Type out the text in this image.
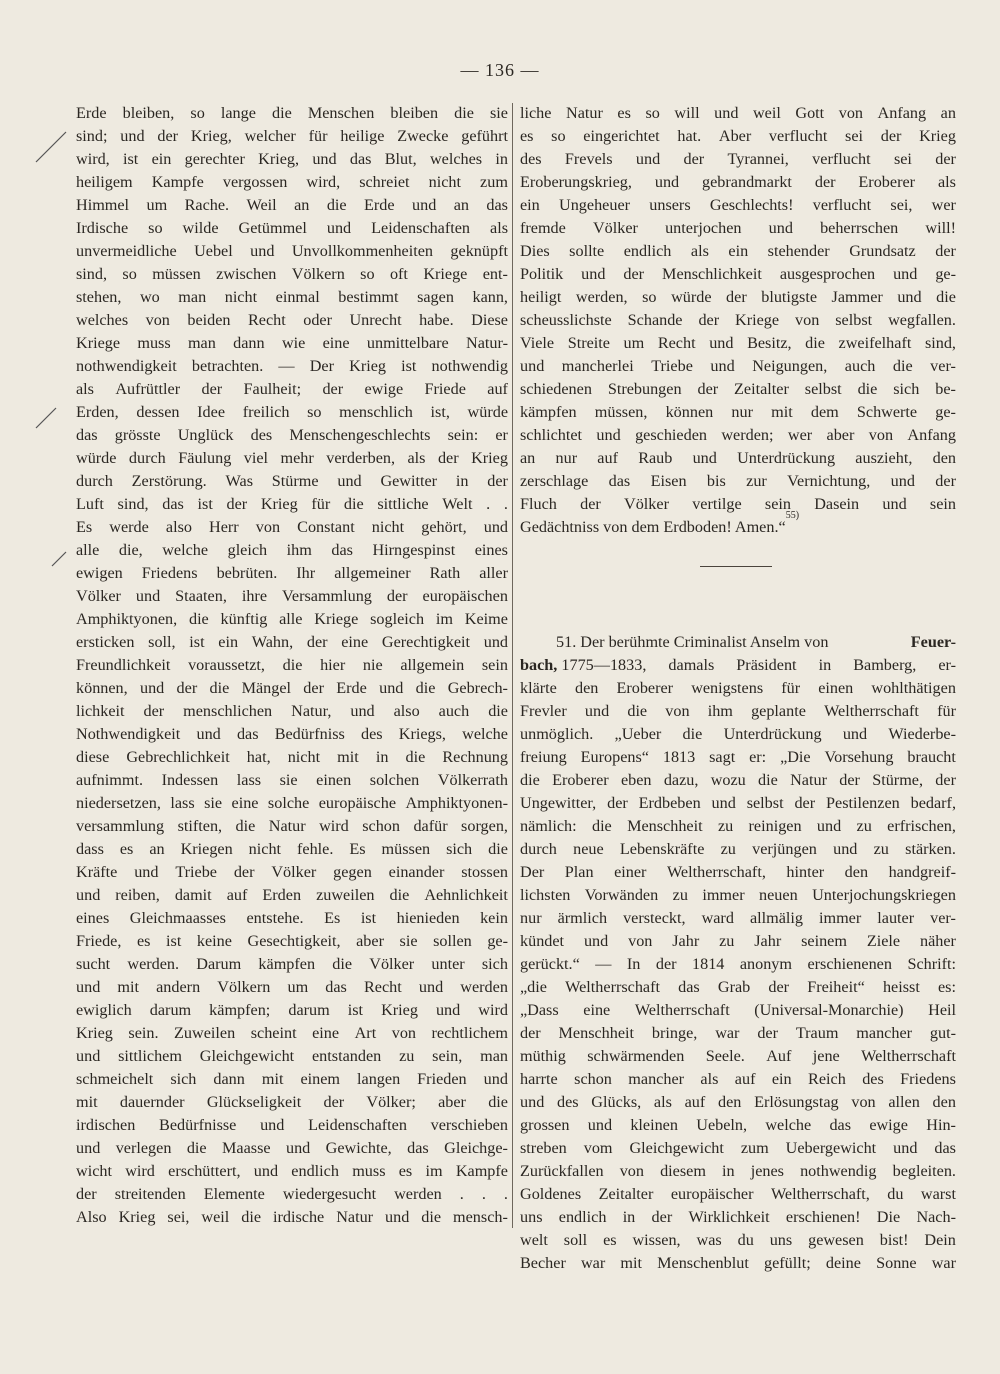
— 136 —
Erde bleiben, so lange die Menschen bleiben die sie
sind; und der Krieg, welcher für heilige Zwecke geführt
wird, ist ein gerechter Krieg, und das Blut, welches in
heiligem Kampfe vergossen wird, schreiet nicht zum
Himmel um Rache. Weil an die Erde und an das
Irdische so wilde Getümmel und Leidenschaften als
unvermeidliche Uebel und Unvollkommenheiten geknüpft
sind, so müssen zwischen Völkern so oft Kriege ent-
stehen, wo man nicht einmal bestimmt sagen kann,
welches von beiden Recht oder Unrecht habe. Diese
Kriege muss man dann wie eine unmittelbare Natur-
nothwendigkeit betrachten. — Der Krieg ist nothwendig
als Aufrüttler der Faulheit; der ewige Friede auf
Erden, dessen Idee freilich so menschlich ist, würde
das grösste Unglück des Menschengeschlechts sein: er
würde durch Fäulung viel mehr verderben, als der Krieg
durch Zerstörung. Was Stürme und Gewitter in der
Luft sind, das ist der Krieg für die sittliche Welt . .
Es werde also Herr von Constant nicht gehört, und
alle die, welche gleich ihm das Hirngespinst eines
ewigen Friedens bebrüten. Ihr allgemeiner Rath aller
Völker und Staaten, ihre Versammlung der europäischen
Amphiktyonen, die künftig alle Kriege sogleich im Keime
ersticken soll, ist ein Wahn, der eine Gerechtigkeit und
Freundlichkeit voraussetzt, die hier nie allgemein sein
können, und der die Mängel der Erde und die Gebrech-
lichkeit der menschlichen Natur, und also auch die
Nothwendigkeit und das Bedürfniss des Kriegs, welche
diese Gebrechlichkeit hat, nicht mit in die Rechnung
aufnimmt. Indessen lass sie einen solchen Völkerrath
niedersetzen, lass sie eine solche europäische Amphiktyonen-
versammlung stiften, die Natur wird schon dafür sorgen,
dass es an Kriegen nicht fehle. Es müssen sich die
Kräfte und Triebe der Völker gegen einander stossen
und reiben, damit auf Erden zuweilen die Aehnlichkeit
eines Gleichmaasses entstehe. Es ist hienieden kein
Friede, es ist keine Gesechtigkeit, aber sie sollen ge-
sucht werden. Darum kämpfen die Völker unter sich
und mit andern Völkern um das Recht und werden
ewiglich darum kämpfen; darum ist Krieg und wird
Krieg sein. Zuweilen scheint eine Art von rechtlichem
und sittlichem Gleichgewicht entstanden zu sein, man
schmeichelt sich dann mit einem langen Frieden und
mit dauernder Glückseligkeit der Völker; aber die
irdischen Bedürfnisse und Leidenschaften verschieben
und verlegen die Maasse und Gewichte, das Gleichge-
wicht wird erschüttert, und endlich muss es im Kampfe
der streitenden Elemente wiedergesucht werden . . .
Also Krieg sei, weil die irdische Natur und die mensch-
liche Natur es so will und weil Gott von Anfang an
es so eingerichtet hat. Aber verflucht sei der Krieg
des Frevels und der Tyrannei, verflucht sei der
Eroberungskrieg, und gebrandmarkt der Eroberer als
ein Ungeheuer unsers Geschlechts! verflucht sei, wer
fremde Völker unterjochen und beherrschen will!
Dies sollte endlich als ein stehender Grundsatz der
Politik und der Menschlichkeit ausgesprochen und ge-
heiligt werden, so würde der blutigste Jammer und die
scheusslichste Schande der Kriege von selbst wegfallen.
Viele Streite um Recht und Besitz, die zweifelhaft sind,
und mancherlei Triebe und Neigungen, auch die ver-
schiedenen Strebungen der Zeitalter selbst die sich be-
kämpfen müssen, können nur mit dem Schwerte ge-
schlichtet und geschieden werden; wer aber von Anfang
an nur auf Raub und Unterdrückung auszieht, den
zerschlage das Eisen bis zur Vernichtung, und der
Fluch der Völker vertilge sein Dasein und sein
Gedächtniss von dem Erdboden! Amen.“
55)
51. Der berühmte Criminalist Anselm von	Feuer-
bach,
1775—1833, damals Präsident in Bamberg, er-
klärte den Eroberer wenigstens für einen wohlthätigen
Frevler und die von ihm geplante Weltherrschaft für
unmöglich. „Ueber die Unterdrückung und Wiederbe-
freiung Europens“ 1813 sagt er: „Die Vorsehung braucht
die Eroberer eben dazu, wozu die Natur der Stürme, der
Ungewitter, der Erdbeben und selbst der Pestilenzen bedarf,
nämlich: die Menschheit zu reinigen und zu erfrischen,
durch neue Lebenskräfte zu verjüngen und zu stärken.
Der Plan einer Weltherrschaft, hinter den handgreif-
lichsten Vorwänden zu immer neuen Unterjochungskriegen
nur ärmlich versteckt, ward allmälig immer lauter ver-
kündet und von Jahr zu Jahr seinem Ziele näher
gerückt.“ — In der 1814 anonym erschienenen Schrift:
„die Weltherrschaft das Grab der Freiheit“ heisst es:
„Dass eine Weltherrschaft (Universal-Monarchie) Heil
der Menschheit bringe, war der Traum mancher gut-
müthig schwärmenden Seele. Auf jene Weltherrschaft
harrte schon mancher als auf ein Reich des Friedens
und des Glücks, als auf den Erlösungstag von allen den
grossen und kleinen Uebeln, welche das ewige Hin-
streben vom Gleichgewicht zum Uebergewicht und das
Zurückfallen von diesem in jenes nothwendig begleiten.
Goldenes Zeitalter europäischer Weltherrschaft, du warst
uns endlich in der Wirklichkeit erschienen! Die Nach-
welt soll es wissen, was du uns gewesen bist! Dein
Becher war mit Menschenblut gefüllt; deine Sonne war
